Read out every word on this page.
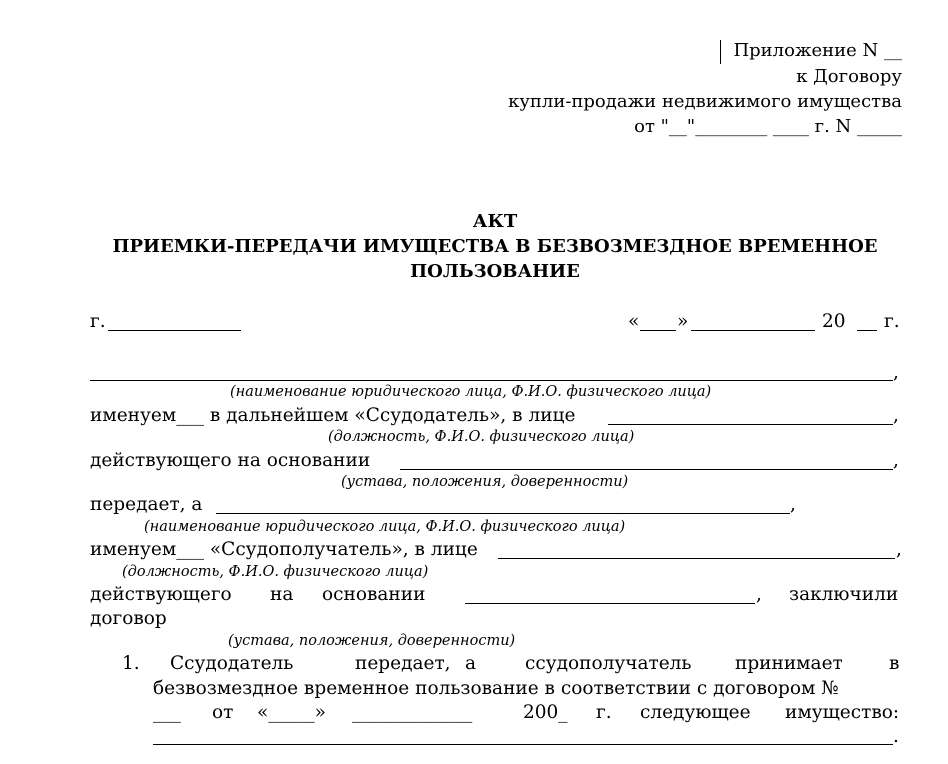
Приложение N __
к Договору
купли-продажи недвижимого имущества
от "__"________ ____ г. N _____
АКТ
ПРИЕМКИ-ПЕРЕДАЧИ ИМУЩЕСТВА В БЕЗВОЗМЕЗДНОЕ ВРЕМЕННОЕ
ПОЛЬЗОВАНИЕ
г.	« »	20 г.
,
(наименование юридического лица, Ф.И.О. физического лица)
именуем___ в дальнейшем «Ссудодатель», в лице	,
(должность, Ф.И.О. физического лица)
действующего на основании	,
(устава, положения, доверенности)
передает, а	,
(наименование юридического лица, Ф.И.О. физического лица)
именуем___ «Ссудополучатель», в лице	,
(должность, Ф.И.О. физического лица)
действующего на основании	, заключили
договор
(устава, положения, доверенности)
1. Ссудодатель	передает, а	ссудополучатель принимает в
безвозмездное временное пользование в соответствии с договором №
___ от «_____» _____________	200_ г. следующее имущество:
.
